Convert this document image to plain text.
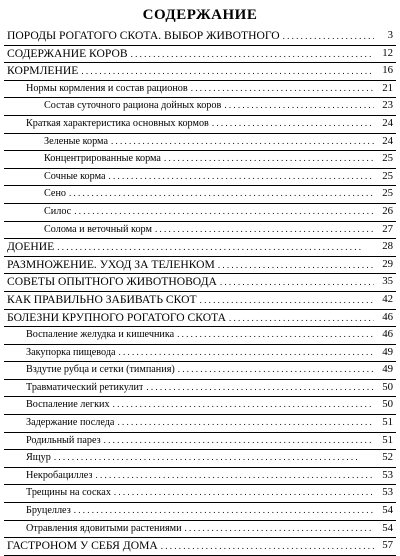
СОДЕРЖАНИЕ
ПОРОДЫ РОГАТОГО СКОТА. ВЫБОР ЖИВОТНОГО . . .	3
СОДЕРЖАНИЕ КОРОВ . . .	12
КОРМЛЕНИЕ . . .	16
Нормы кормления и состав рационов . . .	21
Состав суточного рациона дойных коров . . .	23
Краткая характеристика основных кормов . . .	24
Зеленые корма . . .	24
Концентрированные корма . . .	25
Сочные корма . . .	25
Сено . . .	25
Силос . . .	26
Солома и веточный корм . . .	27
ДОЕНИЕ . . .	28
РАЗМНОЖЕНИЕ. УХОД ЗА ТЕЛЕНКОМ . . .	29
СОВЕТЫ ОПЫТНОГО ЖИВОТНОВОДА . . .	35
КАК ПРАВИЛЬНО ЗАБИВАТЬ СКОТ . . .	42
БОЛЕЗНИ КРУПНОГО РОГАТОГО СКОТА . . .	46
Воспаление желудка и кишечника . . .	46
Закупорка пищевода . . .	49
Вздутие рубца и сетки (тимпания) . . .	49
Травматический ретикулит . . .	50
Воспаление легких . . .	50
Задержание последа . . .	51
Родильный парез . . .	51
Ящур . . .	52
Некробациллез . . .	53
Трещины на сосках . . .	53
Бруцеллез . . .	54
Отравления ядовитыми растениями . . .	54
ГАСТРОНОМ У СЕБЯ ДОМА . . .	57
